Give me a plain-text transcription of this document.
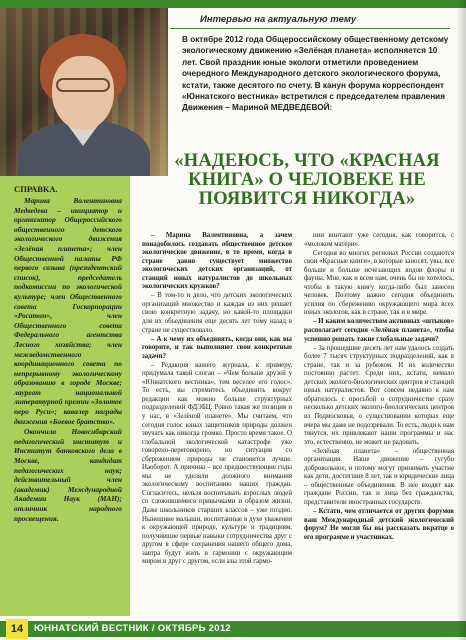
Интервью на актуальную тему
В октябре 2012 года Общероссийскому общественному детскому экологическому движению «Зелёная планета» исполняется 10 лет. Свой праздник юные экологи отметили проведением очередного Международного детского экологического форума, кстати, также десятого по счету. В канун форума корреспондент «Юннатского вестника» встретился с председателем правления Движения – Мариной МЕДВЕДЕВОЙ:
«НАДЕЮСЬ, ЧТО «КРАСНАЯ КНИГА» О ЧЕЛОВЕКЕ НЕ ПОЯВИТСЯ НИКОГДА»
СПРАВКА.

Марина Валентиновна Медведева – инициатор и организатор Общероссийского общественного детского экологического движения «Зелёная планета»; член Общественной палаты РФ первого созыва (президентский список), председатель подкомиссии по экологической культуре; член Общественного совета Госкорпорации «Росатом», член Общественного совета Федерального агентства Лесного хозяйства; член межведомственного координационного совета по непрерывному экологическому образованию в городе Москве; лауреат национальной литературной премии «Золотое перо Руси»; кавалер награды движения «Боевое братство».

Окончила Новосибирский педагогический институт и Институт банковского дела в Москве, кандидат педагогических наук; действительный член (академик) Международной Академии Наук (МАН); отличник народного просвещения.

– Марина Валентиновна, а зачем понадобилось создавать общественное детское экологическое движение, в то время, когда в стране давно существует множество экологических детских организаций, от станций юных натуралистов до школьных экологических кружков?

– В том-то и дело, что детских экологических организаций множество и каждая из них решает свою конкретную задачу, но какой-то площадки для их объединения еще десять лет тому назад в стране не существовало.

– А к чему их объединять, когда они, как вы говорите, и так выполняют свои конкретные задачи?

– Редакция вашего журнала, к примеру, придумала такой слоган – «Чем больше друзей у «Юннатского вестника», тем веселее его голос». То есть, вы стремитесь объединить вокруг редакции как можно больше структурных подразделений ФДЭБЦ. Ровно такая же позиция и у нас, в «Зелёной планете». Мы считаем, что сегодня голос юных защитников природы должен звучать как никогда громко. Просто время такое. О глобальной экологической катастрофе уже говорено-переговорено, но ситуация со сбережением природы не становится лучше. Наоборот. А причина – все предшествующие годы мы не уделяли должного внимания экологическому воспитанию наших граждан. Согласитесь, нельзя воспитывать взрослых людей со сложившимися привычками и образом жизни. Даже школьников старших классов – уже поздно. Нынешние малыши, воспитанные в духе уважения к окружающей природе, культуре и традициям, получившие первые навыки сотрудничества друг с другом в сфере сохранения нашего общего дома, завтра будут жить в гармонии с окружающим миром и друг с другом, если азы этой гармо-

нии впитают уже сегодня, как говорится, с «молоком матери».

Сегодня во многих регионах России создаются свои «Красные книги», в которые заносят, увы, все больше и больше исчезающих видов флоры и фауны. Мне, как и всем нам, очень бы не хотелось, чтобы в такую книгу когда-либо был занесен человек. Поэтому важно сегодня объединить усилия по сбережению окружающего мира всех юных экологов, как в стране, так и в мире.

– И каким количеством активных «штыков» располагает сегодня «Зелёная планета», чтобы успешно решать такие глобальные задачи?

– За прошедшие десять лет нам удалось создать более 7 тысяч структурных подразделений, как в стране, так и за рубежом. И их количество постоянно растет. Среди них, кстати, немало детских эколого-биологических центров и станций юных натуралистов. Вот совсем недавно к нам обратилось с просьбой о сотрудничестве сразу несколько детских эколого-биологических центров из Подмосковья, о существовании которых еще вчера мы даже не подозревали. То есть, люди к нам тянутся, их привлекают наши программы и нас это, естественно, не может не радовать.

«Зелёная планета» – общественная организация. Наше движение – сугубо добровольное, и потому могут принимать участие как дети, достигшие 8 лет, так и юридические лица – общественные объединения. В нее входят как граждане России, так и лица без гражданства, представители иностранных государств.

– Кстати, чем отличается от других форумов ваш Международный детский экологический форум? Не могли бы вы рассказать вкратце о его программе и участниках.

14	ЮННАТСКИЙ ВЕСТНИК / ОКТЯБРЬ 2012
